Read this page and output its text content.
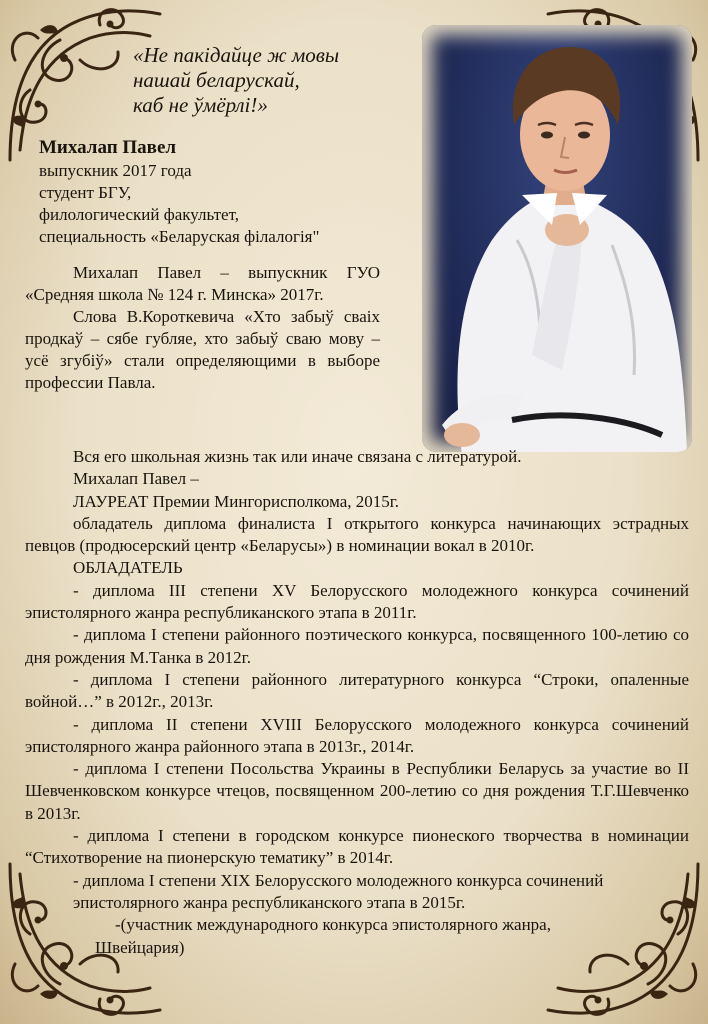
«Не пакідайце ж мовы
нашай беларускай,
каб не ўмёрлі!»

Михалап Павел
выпускник 2017 года
студент БГУ,
филологический факультет,
специальность «Беларуская філалогія"

Михалап Павел – выпускник ГУО «Средняя школа № 124 г. Минска» 2017г.

Слова В.Короткевича «Хто забыў сваіх продкаў – сябе губляе, хто забыў сваю мову – усё згубіў» стали определяющими в выборе профессии Павла.

Вся его школьная жизнь так или иначе связана с литературой.

Михалап Павел –

ЛАУРЕАТ Премии Мингорисполкома, 2015г.

обладатель диплома финалиста I открытого конкурса начинающих эстрадных певцов (продюсерский центр «Беларусы») в номинации вокал в 2010г.

ОБЛАДАТЕЛЬ

- диплома III степени XV Белорусского молодежного конкурса сочинений эпистолярного жанра республиканского этапа в 2011г.

- диплома I степени районного поэтического конкурса, посвященного 100-летию со дня рождения М.Танка в 2012г.

- диплома I степени районного литературного конкурса “Строки, опаленные войной…” в 2012г., 2013г.

- диплома II степени XVIII Белорусского молодежного конкурса сочинений эпистолярного жанра районного этапа в 2013г., 2014г.

- диплома I степени Посольства Украины в Республики Беларусь за участие во II Шевченковском конкурсе чтецов, посвященном 200-летию со дня рождения Т.Г.Шевченко в 2013г.

- диплома I степени в городском конкурсе пионеского творчества в номинации “Стихотворение на пионерскую тематику” в 2014г.

- диплома I степени XIX Белорусского молодежного конкурса сочинений эпистолярного жанра республиканского этапа в 2015г.

-(участник международного конкурса эпистолярного жанра, Швейцария)
